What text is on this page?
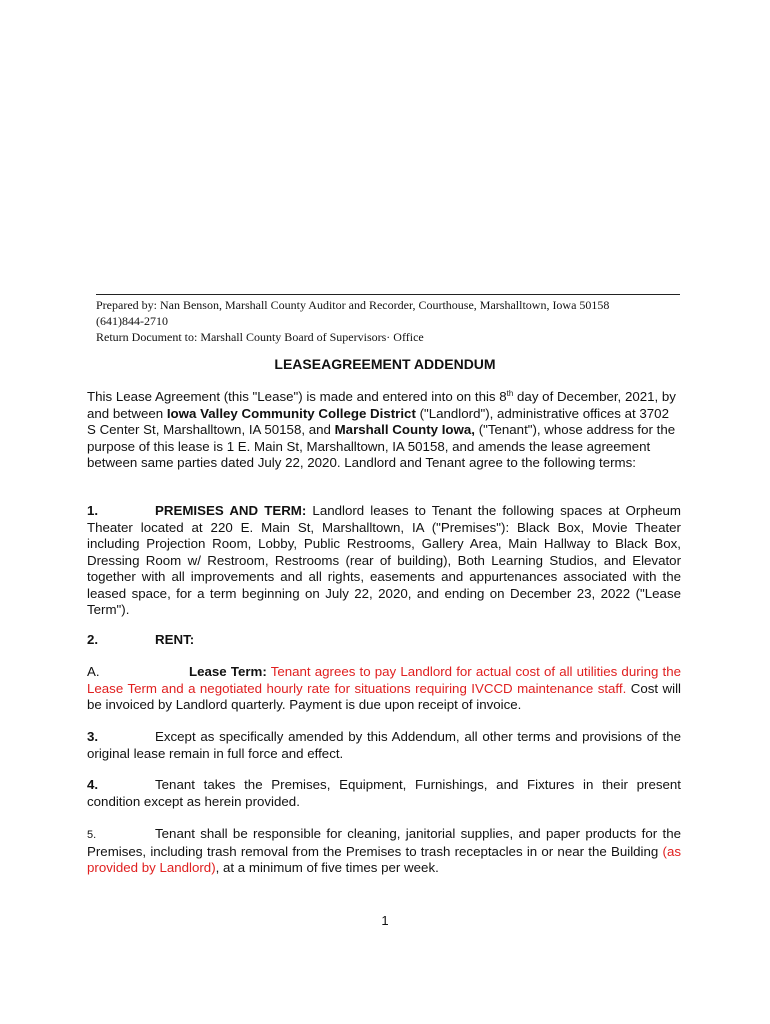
Prepared by: Nan Benson, Marshall County Auditor and Recorder, Courthouse, Marshalltown, Iowa 50158
(641)844-2710
Return Document to: Marshall County Board of Supervisors· Office
LEASEAGREEMENT ADDENDUM
This Lease Agreement (this "Lease") is made and entered into on this 8th day of December, 2021, by and between Iowa Valley Community College District ("Landlord"), administrative offices at 3702 S Center St, Marshalltown, IA 50158, and Marshall County Iowa, ("Tenant"), whose address for the purpose of this lease is 1 E. Main St, Marshalltown, IA 50158, and amends the lease agreement between same parties dated July 22, 2020. Landlord and Tenant agree to the following terms:
1.	PREMISES AND TERM: Landlord leases to Tenant the following spaces at Orpheum Theater located at 220 E. Main St, Marshalltown, IA ("Premises"): Black Box, Movie Theater including Projection Room, Lobby, Public Restrooms, Gallery Area, Main Hallway to Black Box, Dressing Room w/ Restroom, Restrooms (rear of building), Both Learning Studios, and Elevator together with all improvements and all rights, easements and appurtenances associated with the leased space, for a term beginning on July 22, 2020, and ending on December 23, 2022 ("Lease Term").
2.	RENT:
A.	Lease Term: Tenant agrees to pay Landlord for actual cost of all utilities during the Lease Term and a negotiated hourly rate for situations requiring IVCCD maintenance staff. Cost will be invoiced by Landlord quarterly. Payment is due upon receipt of invoice.
3.	Except as specifically amended by this Addendum, all other terms and provisions of the original lease remain in full force and effect.
4.	Tenant takes the Premises, Equipment, Furnishings, and Fixtures in their present condition except as herein provided.
5.	Tenant shall be responsible for cleaning, janitorial supplies, and paper products for the Premises, including trash removal from the Premises to trash receptacles in or near the Building (as provided by Landlord), at a minimum of five times per week.
1
